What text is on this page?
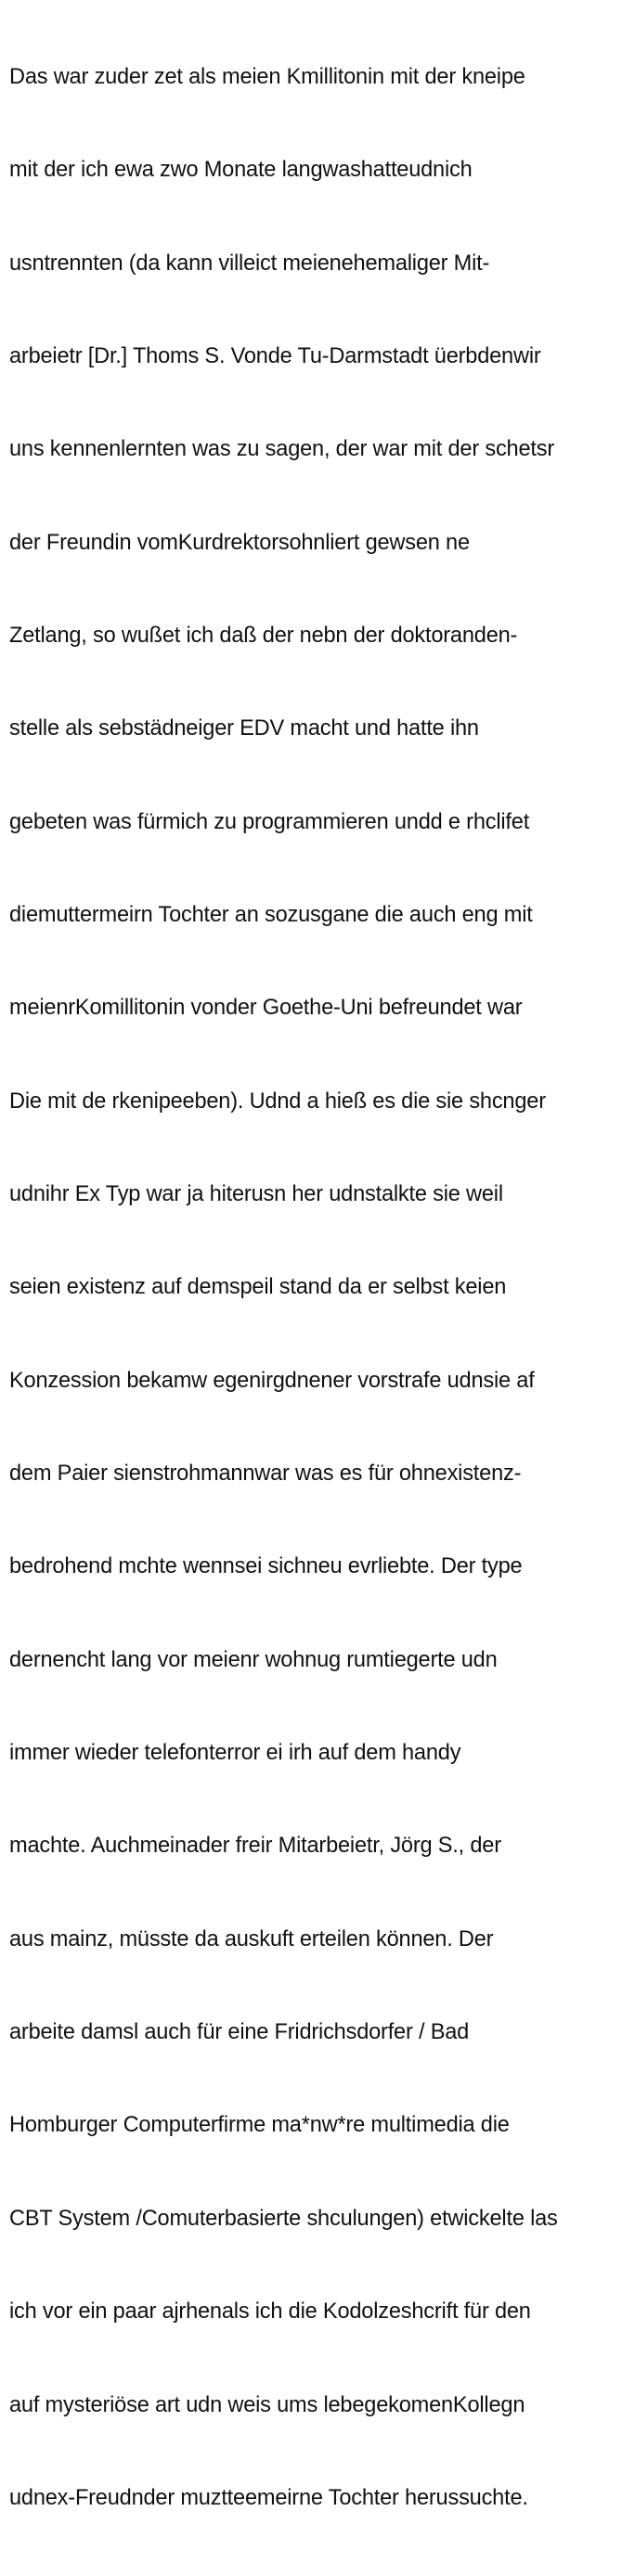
Das war zuder zet als meien Kmillitonin mit der kneipe

mit der ich ewa zwo Monate langwashatteudnich

usntrennten (da kann villeict meienehemaliger Mit-

arbeietr [Dr.] Thoms S. Vonde Tu-Darmstadt üerbdenwir

uns kennenlernten was zu sagen, der war mit der schetsr

der Freundin vomKurdrektorsohnliert gewsen ne

Zetlang, so wußet ich daß der nebn der doktoranden-

stelle als sebstädneiger EDV macht und hatte ihn

gebeten was fürmich zu programmieren undd e rhclifet

diemuttermeirn Tochter an sozusgane die auch eng mit

meienrKomillitonin vonder Goethe-Uni befreundet war

Die mit de rkenipeeben). Udnd a hieß es die sie shcnger

udnihr Ex Typ war ja hiterusn her udnstalkte sie weil

seien existenz auf demspeil stand da er selbst keien

Konzession bekamw egenirgdnener vorstrafe udnsie af

dem Paier sienstrohmannwar was es für ohnexistenz-

bedrohend mchte wennsei sichneu evrliebte. Der type

dernencht lang vor meienr wohnug rumtiegerte udn

immer wieder telefonterror ei irh auf dem handy

machte. Auchmeinader freir Mitarbeietr, Jörg S., der

aus mainz, müsste da auskuft erteilen können. Der

arbeite damsl auch für eine Fridrichsdorfer / Bad

Homburger Computerfirme ma*nw*re multimedia die

CBT System /Comuterbasierte shculungen) etwickelte las

ich vor ein paar ajrhenals ich die Kodolzeshcrift für den

auf mysteriöse art udn weis ums lebegekomenKollegn

udnex-Freudnder muztteemeirne Tochter herussuchte.
